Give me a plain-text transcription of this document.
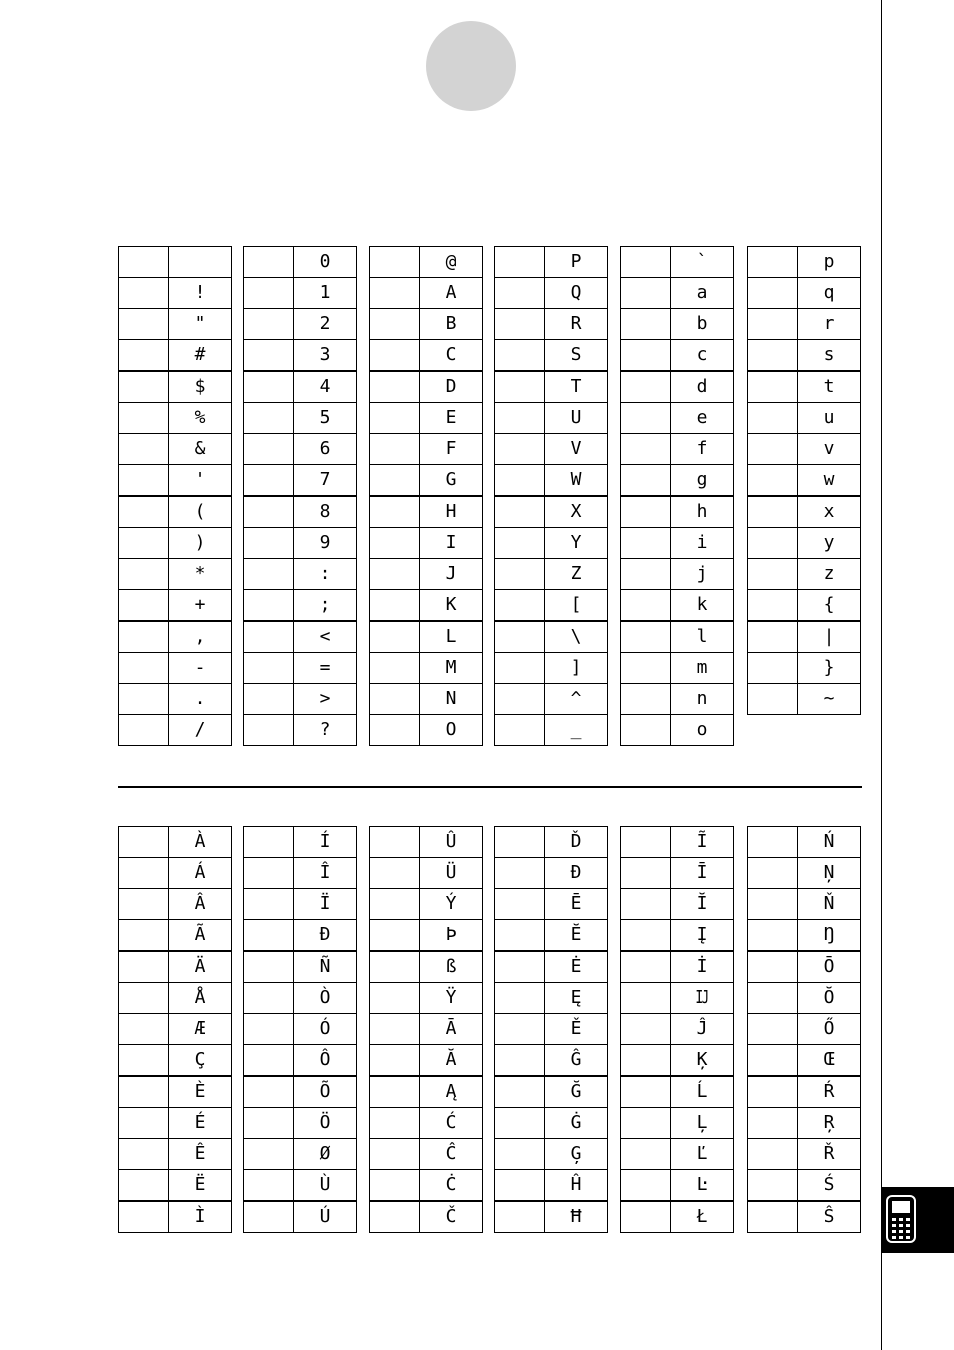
	!
	"
	#
	$
	%
	&
	'
	(
	)
	*
	+
	,
	-
	.
	/
	0
	1
	2
	3
	4
	5
	6
	7
	8
	9
	:
	;
	<
	=
	>
	?
	@
	A
	B
	C
	D
	E
	F
	G
	H
	I
	J
	K
	L
	M
	N
	O
	P
	Q
	R
	S
	T
	U
	V
	W
	X
	Y
	Z
	[
	\
	]
	^
	_
	`
	a
	b
	c
	d
	e
	f
	g
	h
	i
	j
	k
	l
	m
	n
	o
	p
	q
	r
	s
	t
	u
	v
	w
	x
	y
	z
	{
	|
	}
	~
	À
	Á
	Â
	Ã
	Ä
	Å
	Æ
	Ç
	È
	É
	Ê
	Ë
	Ì
	Í
	Î
	Ï
	Ð
	Ñ
	Ò
	Ó
	Ô
	Õ
	Ö
	Ø
	Ù
	Ú
	Û
	Ü
	Ý
	Þ
	ß
	Ÿ
	Ā
	Ă
	Ą
	Ć
	Ĉ
	Ċ
	Č
	Ď
	Đ
	Ē
	Ĕ
	Ė
	Ę
	Ě
	Ĝ
	Ğ
	Ġ
	Ģ
	Ĥ
	Ħ
	Ĩ
	Ī
	Ĭ
	Į
	İ
	Ĳ
	Ĵ
	Ķ
	Ĺ
	Ļ
	Ľ
	Ŀ
	Ł
	Ń
	Ņ
	Ň
	Ŋ
	Ō
	Ŏ
	Ő
	Œ
	Ŕ
	Ŗ
	Ř
	Ś
	Ŝ
